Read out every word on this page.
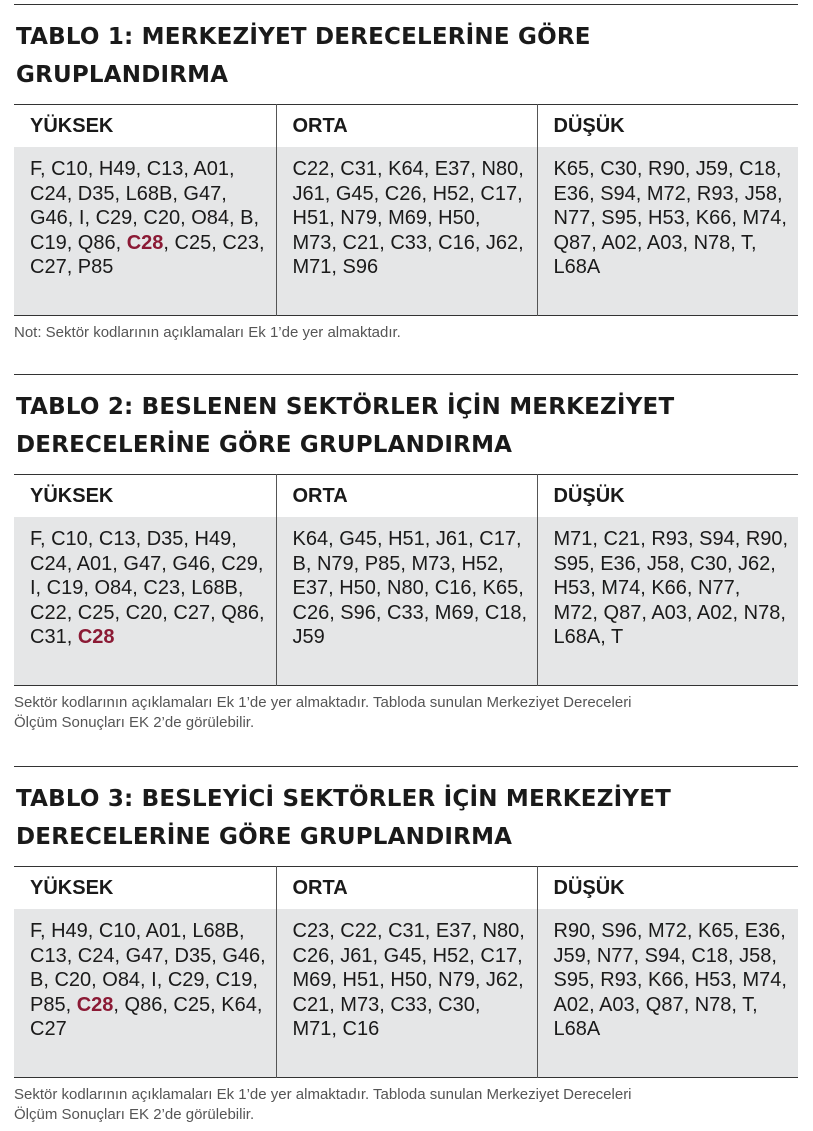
TABLO 1: MERKEZİYET DERECELERİNE GÖRE
GRUPLANDIRMA
YÜKSEK	ORTA	DÜŞÜK
F, C10, H49, C13, A01, C24, D35, L68B, G47, G46, I, C29, C20, O84, B, C19, Q86, C28, C25, C23, C27, P85	C22, C31, K64, E37, N80, J61, G45, C26, H52, C17, H51, N79, M69, H50, M73, C21, C33, C16, J62, M71, S96	K65, C30, R90, J59, C18, E36, S94, M72, R93, J58, N77, S95, H53, K66, M74, Q87, A02, A03, N78, T, L68A
Not: Sektör kodlarının açıklamaları Ek 1’de yer almaktadır.
TABLO 2: BESLENEN SEKTÖRLER İÇİN MERKEZİYET
DERECELERİNE GÖRE GRUPLANDIRMA
YÜKSEK	ORTA	DÜŞÜK
F, C10, C13, D35, H49, C24, A01, G47, G46, C29, I, C19, O84, C23, L68B, C22, C25, C20, C27, Q86, C31, C28	K64, G45, H51, J61, C17, B, N79, P85, M73, H52, E37, H50, N80, C16, K65, C26, S96, C33, M69, C18, J59	M71, C21, R93, S94, R90, S95, E36, J58, C30, J62, H53, M74, K66, N77, M72, Q87, A03, A02, N78, L68A, T
Sektör kodlarının açıklamaları Ek 1’de yer almaktadır. Tabloda sunulan Merkeziyet Dereceleri
Ölçüm Sonuçları EK 2’de görülebilir.
TABLO 3: BESLEYİCİ SEKTÖRLER İÇİN MERKEZİYET
DERECELERİNE GÖRE GRUPLANDIRMA
YÜKSEK	ORTA	DÜŞÜK
F, H49, C10, A01, L68B, C13, C24, G47, D35, G46, B, C20, O84, I, C29, C19, P85, C28, Q86, C25, K64, C27	C23, C22, C31, E37, N80, C26, J61, G45, H52, C17, M69, H51, H50, N79, J62, C21, M73, C33, C30, M71, C16	R90, S96, M72, K65, E36, J59, N77, S94, C18, J58, S95, R93, K66, H53, M74, A02, A03, Q87, N78, T, L68A
Sektör kodlarının açıklamaları Ek 1’de yer almaktadır. Tabloda sunulan Merkeziyet Dereceleri
Ölçüm Sonuçları EK 2’de görülebilir.
